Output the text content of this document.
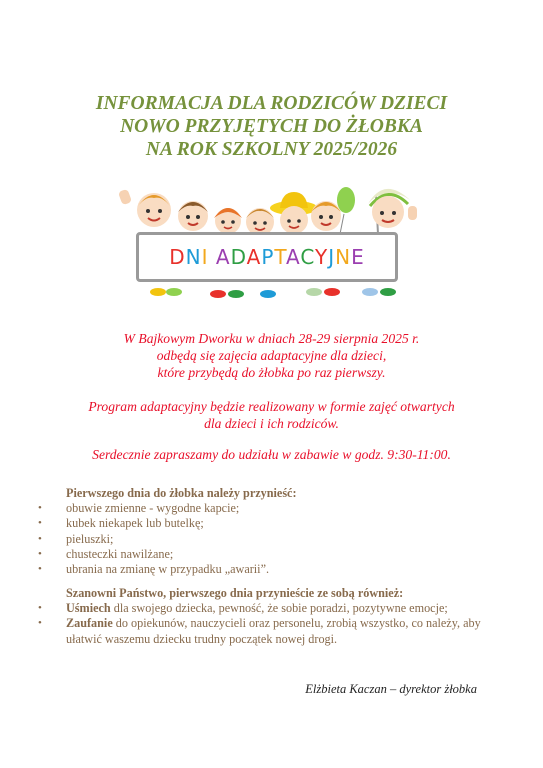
INFORMACJA DLA RODZICÓW DZIECI
NOWO PRZYJĘTYCH DO ŻŁOBKA
NA ROK SZKOLNY 2025/2026
DNI ADAPTACYJNE
W Bajkowym Dworku w dniach 28-29 sierpnia 2025 r.
odbędą się zajęcia adaptacyjne dla dzieci,
które przybędą do żłobka po raz pierwszy.
Program adaptacyjny będzie realizowany w formie zajęć otwartych
dla dzieci i ich rodziców.
Serdecznie zapraszamy do udziału w zabawie w godz. 9:30-11:00.
Pierwszego dnia do żłobka należy przynieść:
• obuwie zmienne - wygodne kapcie;
• kubek niekapek lub butelkę;
• pieluszki;
• chusteczki nawilżane;
• ubrania na zmianę w przypadku „awarii”.
Szanowni Państwo, pierwszego dnia przynieście ze sobą również:
• Uśmiech dla swojego dziecka, pewność, że sobie poradzi, pozytywne emocje;
• Zaufanie do opiekunów, nauczycieli oraz personelu, zrobią wszystko, co należy, aby ułatwić waszemu dziecku trudny początek nowej drogi.
Elżbieta Kaczan – dyrektor żłobka
